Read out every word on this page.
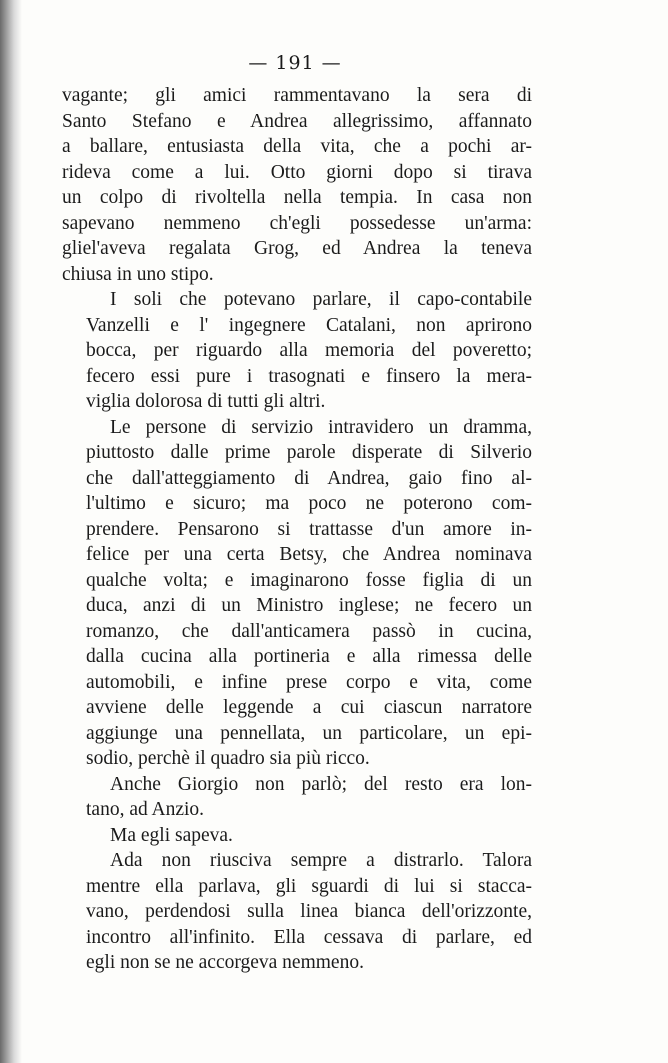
— 191 —

vagante; gli amici rammentavano la sera di
Santo Stefano e Andrea allegrissimo, affannato
a ballare, entusiasta della vita, che a pochi ar-
rideva come a lui. Otto giorni dopo si tirava
un colpo di rivoltella nella tempia. In casa non
sapevano nemmeno ch'egli possedesse un'arma:
gliel'aveva regalata Grog, ed Andrea la teneva
chiusa in uno stipo.

I soli che potevano parlare, il capo-contabile
Vanzelli e l' ingegnere Catalani, non aprirono
bocca, per riguardo alla memoria del poveretto;
fecero essi pure i trasognati e finsero la mera-
viglia dolorosa di tutti gli altri.

Le persone di servizio intravidero un dramma,
piuttosto dalle prime parole disperate di Silverio
che dall'atteggiamento di Andrea, gaio fino al-
l'ultimo e sicuro; ma poco ne poterono com-
prendere. Pensarono si trattasse d'un amore in-
felice per una certa Betsy, che Andrea nominava
qualche volta; e imaginarono fosse figlia di un
duca, anzi di un Ministro inglese; ne fecero un
romanzo, che dall'anticamera passò in cucina,
dalla cucina alla portineria e alla rimessa delle
automobili, e infine prese corpo e vita, come
avviene delle leggende a cui ciascun narratore
aggiunge una pennellata, un particolare, un epi-
sodio, perchè il quadro sia più ricco.

Anche Giorgio non parlò; del resto era lon-
tano, ad Anzio.

Ma egli sapeva.

Ada non riusciva sempre a distrarlo. Talora
mentre ella parlava, gli sguardi di lui si stacca-
vano, perdendosi sulla linea bianca dell'orizzonte,
incontro all'infinito. Ella cessava di parlare, ed
egli non se ne accorgeva nemmeno.
